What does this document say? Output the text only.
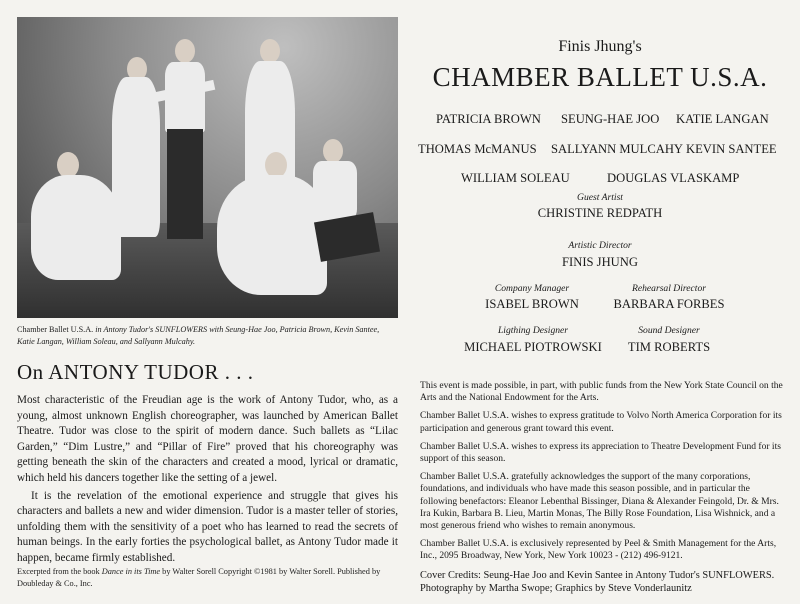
Chamber Ballet U.S.A. in Antony Tudor's SUNFLOWERS with Seung-Hae Joo, Patricia Brown, Kevin Santee, Katie Langan, William Soleau, and Sallyann Mulcahy.
On ANTONY TUDOR . . .

Most characteristic of the Freudian age is the work of Antony Tudor, who, as a young, almost unknown English choreographer, was launched by American Ballet Theatre. Tudor was close to the spirit of modern dance. Such ballets as “Lilac Garden,” “Dim Lustre,” and “Pillar of Fire” proved that his choreography was getting beneath the skin of the characters and created a mood, lyrical or dramatic, which held his dancers together like the setting of a jewel.

It is the revelation of the emotional experience and struggle that gives his characters and ballets a new and wider dimension. Tudor is a master teller of stories, unfolding them with the sensitivity of a poet who has learned to read the secrets of human beings. In the early forties the psychological ballet, as Antony Tudor made it happen, became firmly established.

Excerpted from the book Dance in its Time by Walter Sorell Copyright ©1981 by Walter Sorell. Published by Doubleday & Co., Inc.
Finis Jhung's
CHAMBER BALLET U.S.A.
PATRICIA BROWN SEUNG-HAE JOO KATIE LANGAN
THOMAS McMANUS SALLYANN MULCAHY KEVIN SANTEE
WILLIAM SOLEAU	DOUGLAS VLASKAMP
Guest Artist
CHRISTINE REDPATH
Artistic Director
FINIS JHUNG
Company Manager
ISABEL BROWN
Rehearsal Director
BARBARA FORBES
Ligthing Designer
MICHAEL PIOTROWSKI
Sound Designer
TIM ROBERTS

This event is made possible, in part, with public funds from the New York State Council on the Arts and the National Endowment for the Arts.

Chamber Ballet U.S.A. wishes to express gratitude to Volvo North America Corporation for its participation and generous grant toward this event.

Chamber Ballet U.S.A. wishes to express its appreciation to Theatre Development Fund for its support of this season.

Chamber Ballet U.S.A. gratefully acknowledges the support of the many corporations, foundations, and individuals who have made this season possible, and in particular the following benefactors: Eleanor Lebenthal Bissinger, Diana & Alexander Feingold, Dr. & Mrs. Ira Kukin, Barbara B. Lieu, Martin Monas, The Billy Rose Foundation, Lisa Wishnick, and a most generous friend who wishes to remain anonymous.

Chamber Ballet U.S.A. is exclusively represented by Peel & Smith Management for the Arts, Inc., 2095 Broadway, New York, New York 10023 - (212) 496-9121.

Cover Credits: Seung-Hae Joo and Kevin Santee in Antony Tudor's SUNFLOWERS. Photography by Martha Swope; Graphics by Steve Vonderlaunitz
